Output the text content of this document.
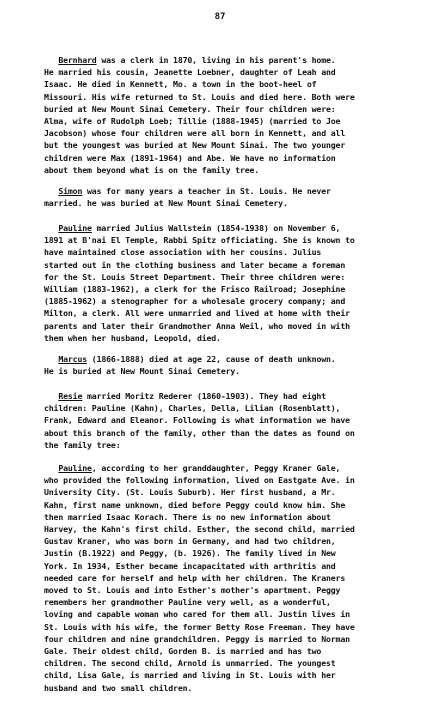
87
Bernhard was a clerk in 1870, living in his parent's home.
He married his cousin, Jeanette Loebner, daughter of Leah and
Isaac. He died in Kennett, Mo. a town in the boot-heel of
Missouri. His wife returned to St. Louis and died here. Both were
buried at New Mount Sinai Cemetery. Their four children were:
Alma, wife of Rudolph Loeb; Tillie (1888-1945) (married to Joe
Jacobson) whose four children were all born in Kennett, and all
but the youngest was buried at New Mount Sinai. The two younger
children were Max (1891-1964) and Abe. We have no information
about them beyond what is on the family tree.
Simon was for many years a teacher in St. Louis. He never
married. he was buried at New Mount Sinai Cemetery.
Pauline married Julius Wallstein (1854-1938) on November 6,
1891 at B'nai El Temple, Rabbi Spitz officiating. She is known to
have maintained close association with her cousins. Julius
started out in the clothing business and later became a foreman
for the St. Louis Street Department. Their three children were:
William (1883-1962), a clerk for the Frisco Railroad; Josephine
(1885-1962) a stenographer for a wholesale grocery company; and
Milton, a clerk. All were unmarried and lived at home with their
parents and later their Grandmother Anna Weil, who moved in with
them when her husband, Leopold, died.
Marcus (1866-1888) died at age 22, cause of death unknown.
He is buried at New Mount Sinai Cemetery.
Resie married Moritz Rederer (1860-1903). They had eight
children: Pauline (Kahn), Charles, Della, Lilian (Rosenblatt),
Frank, Edward and Eleanor. Following is what information we have
about this branch of the family, other than the dates as found on
the family tree:
Pauline, according to her granddaughter, Peggy Kraner Gale,
who provided the following information, lived on Eastgate Ave. in
University City. (St. Louis Suburb). Her first husband, a Mr.
Kahn, first name unknown, died before Peggy could know him. She
then married Isaac Korach. There is no new information about
Harvey, the Kahn's first child. Esther, the second child, married
Gustav Kraner, who was born in Germany, and had two children,
Justin (B.1922) and Peggy, (b. 1926). The family lived in New
York. In 1934, Esther became incapacitated with arthritis and
needed care for herself and help with her children. The Kraners
moved to St. Louis and into Esther's mother's apartment. Peggy
remembers her grandmother Pauline very well, as a wonderful,
loving and capable woman who cared for them all. Justin lives in
St. Louis with his wife, the former Betty Rose Freeman. They have
four children and nine grandchildren. Peggy is married to Norman
Gale. Their oldest child, Gorden B. is married and has two
children. The second child, Arnold is unmarried. The youngest
child, Lisa Gale, is married and living in St. Louis with her
husband and two small children.
